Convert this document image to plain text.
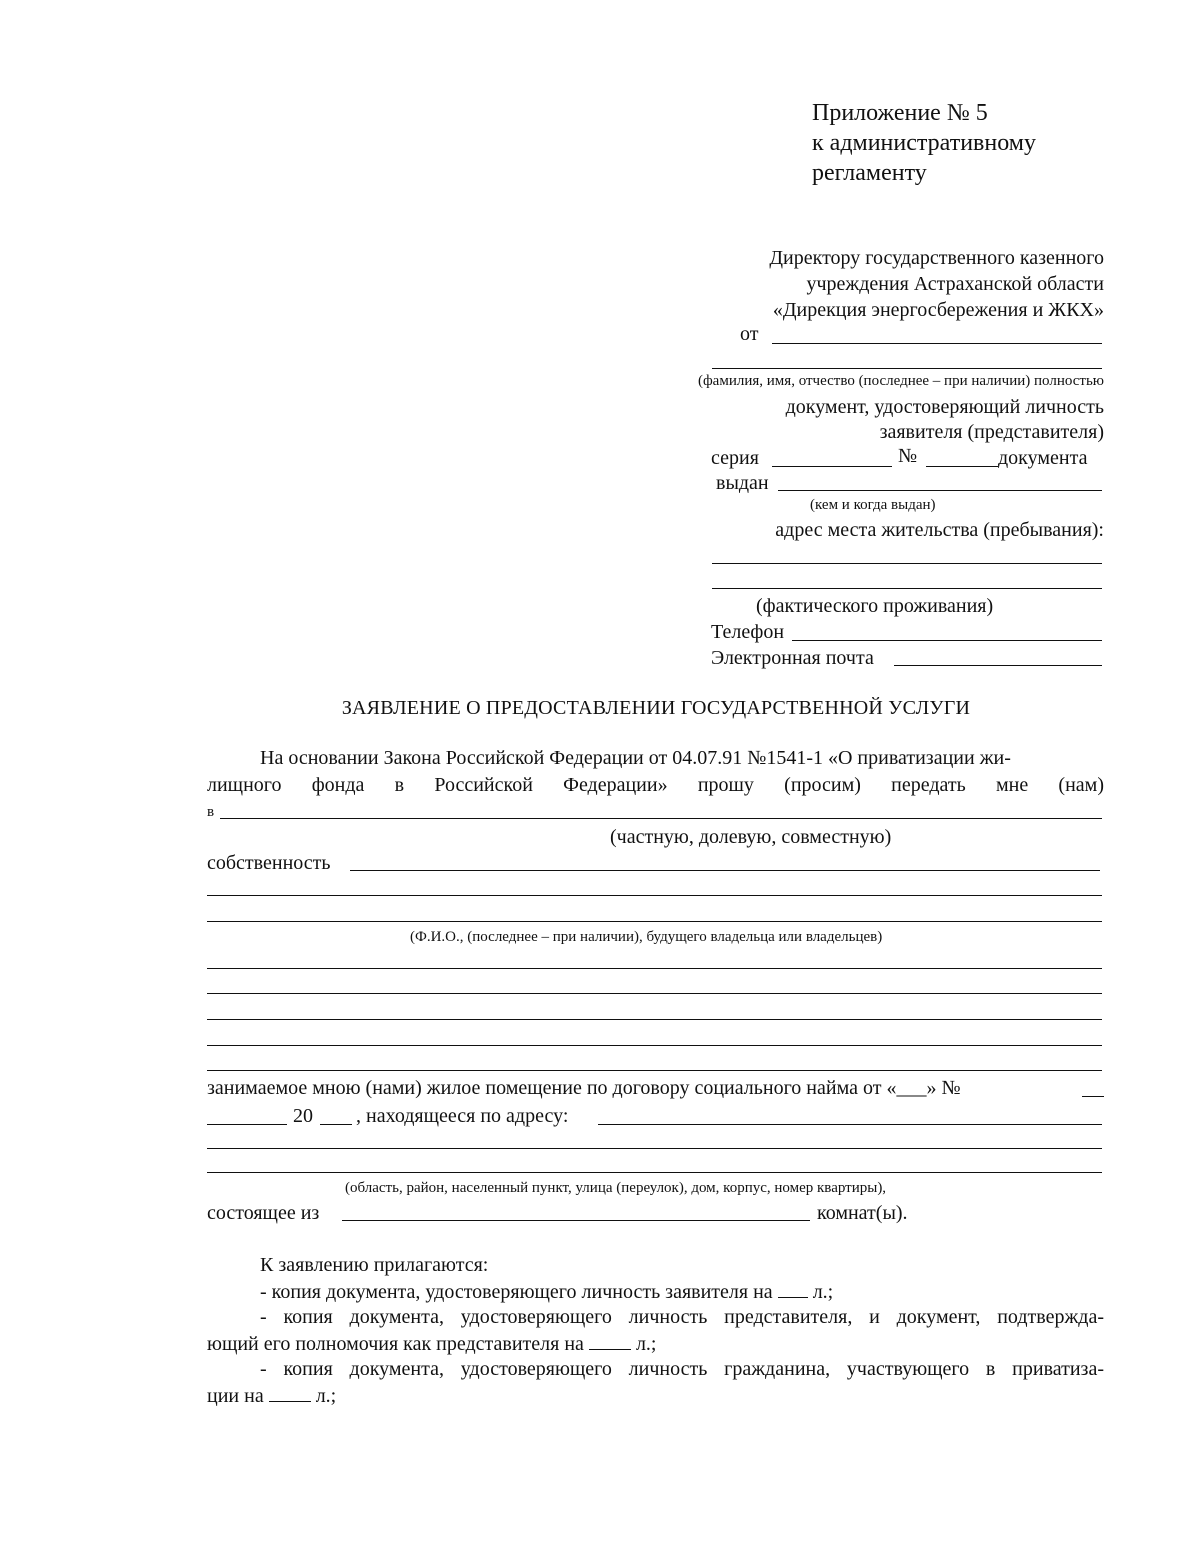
Приложение № 5
к административному
регламенту
Директору государственного казенного
учреждения Астраханской области
«Дирекция энергосбережения и ЖКХ»
от
(фамилия, имя, отчество (последнее – при наличии) полностью
документ, удостоверяющий личность
заявителя (представителя)
серия	№	документа
выдан
(кем и когда выдан)
адрес места жительства (пребывания):
(фактического проживания)
Телефон
Электронная почта
ЗАЯВЛЕНИЕ О ПРЕДОСТАВЛЕНИИ ГОСУДАРСТВЕННОЙ УСЛУГИ
На основании Закона Российской Федерации от 04.07.91 №1541-1 «О приватизации жи-
лищного фонда в Российской Федерации» прошу (просим) передать мне (нам)
в
(частную, долевую, совместную)
собственность
(Ф.И.О., (последнее – при наличии), будущего владельца или владельцев)
занимаемое мною (нами) жилое помещение по договору социального найма от «___» №
20 , находящееся по адресу:
(область, район, населенный пункт, улица (переулок), дом, корпус, номер квартиры),
состоящее из	комнат(ы).
К заявлению прилагаются:
- копия документа, удостоверяющего личность заявителя на л.;
- копия документа, удостоверяющего личность представителя, и документ, подтвержда-
ющий его полномочия как представителя на	л.;
- копия документа, удостоверяющего личность гражданина, участвующего в приватиза-
ции на	л.;
